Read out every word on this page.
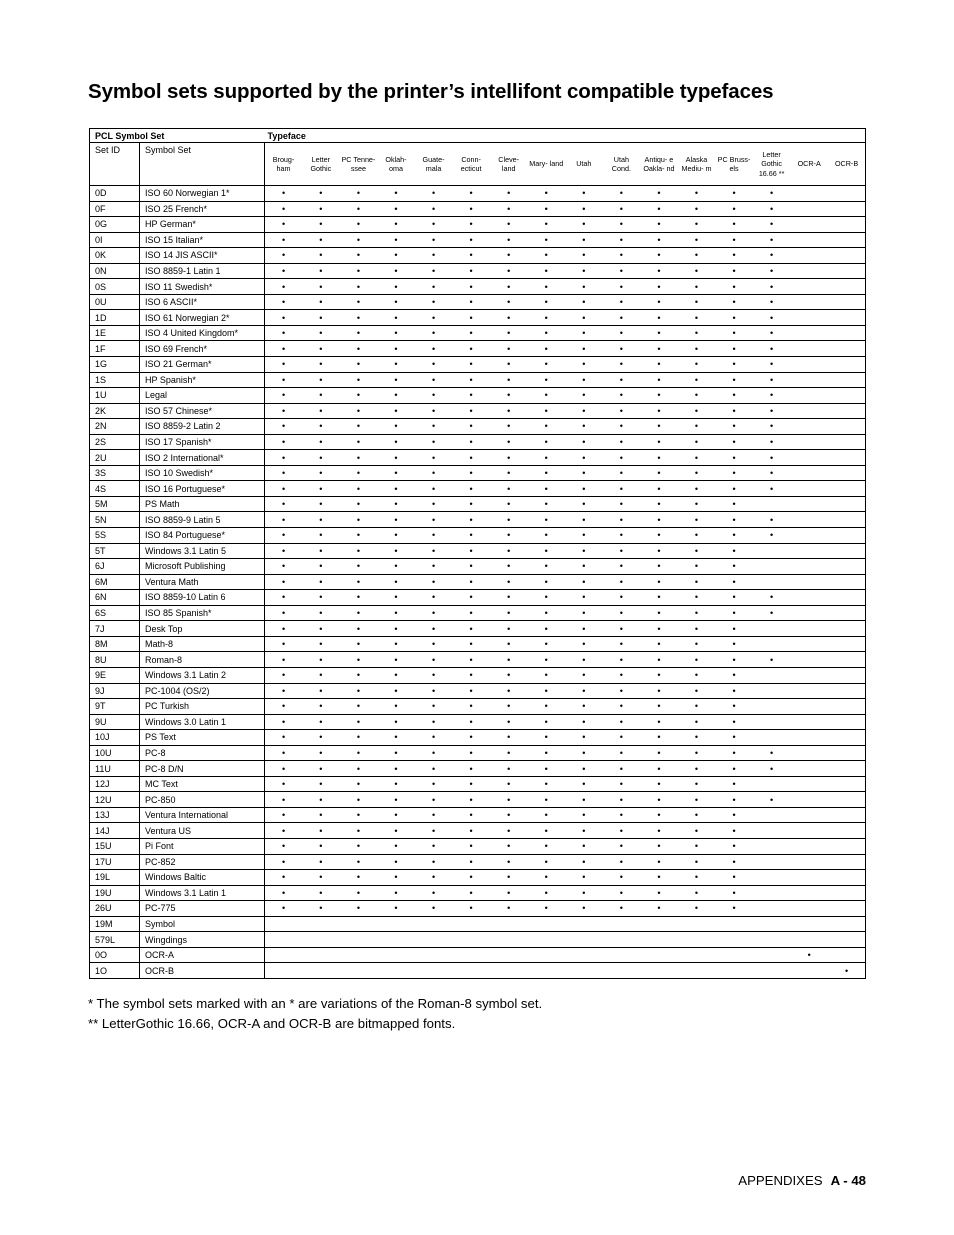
Symbol sets supported by the printer’s intellifont compatible typefaces
PCL Symbol Set		Typeface															
Set ID	Symbol Set	Broug- ham	Letter Gothic	PC Tenne- ssee	Oklah- oma	Guate- mala	Conn- ecticut	Cleve- land	Mary- land	Utah	Utah Cond.	Antiqu- e Oakla- nd	Alaska Mediu- m	PC Bruss- els	Letter Gothic 16.66 **	OCR-A	OCR-B
0D	ISO 60 Norwegian 1*	•	•	•	•	•	•	•	•	•	•	•	•	•	•		
0F	ISO 25 French*	•	•	•	•	•	•	•	•	•	•	•	•	•	•		
0G	HP German*	•	•	•	•	•	•	•	•	•	•	•	•	•	•		
0I	ISO 15 Italian*	•	•	•	•	•	•	•	•	•	•	•	•	•	•		
0K	ISO 14 JIS ASCII*	•	•	•	•	•	•	•	•	•	•	•	•	•	•		
0N	ISO 8859-1 Latin 1	•	•	•	•	•	•	•	•	•	•	•	•	•	•		
0S	ISO 11 Swedish*	•	•	•	•	•	•	•	•	•	•	•	•	•	•		
0U	ISO 6 ASCII*	•	•	•	•	•	•	•	•	•	•	•	•	•	•		
1D	ISO 61 Norwegian 2*	•	•	•	•	•	•	•	•	•	•	•	•	•	•		
1E	ISO 4 United Kingdom*	•	•	•	•	•	•	•	•	•	•	•	•	•	•		
1F	ISO 69 French*	•	•	•	•	•	•	•	•	•	•	•	•	•	•		
1G	ISO 21 German*	•	•	•	•	•	•	•	•	•	•	•	•	•	•		
1S	HP Spanish*	•	•	•	•	•	•	•	•	•	•	•	•	•	•		
1U	Legal	•	•	•	•	•	•	•	•	•	•	•	•	•	•		
2K	ISO 57 Chinese*	•	•	•	•	•	•	•	•	•	•	•	•	•	•		
2N	ISO 8859-2 Latin 2	•	•	•	•	•	•	•	•	•	•	•	•	•	•		
2S	ISO 17 Spanish*	•	•	•	•	•	•	•	•	•	•	•	•	•	•		
2U	ISO 2 International*	•	•	•	•	•	•	•	•	•	•	•	•	•	•		
3S	ISO 10 Swedish*	•	•	•	•	•	•	•	•	•	•	•	•	•	•		
4S	ISO 16 Portuguese*	•	•	•	•	•	•	•	•	•	•	•	•	•	•		
5M	PS Math	•	•	•	•	•	•	•	•	•	•	•	•	•			
5N	ISO 8859-9 Latin 5	•	•	•	•	•	•	•	•	•	•	•	•	•	•		
5S	ISO 84 Portuguese*	•	•	•	•	•	•	•	•	•	•	•	•	•	•		
5T	Windows 3.1 Latin 5	•	•	•	•	•	•	•	•	•	•	•	•	•			
6J	Microsoft Publishing	•	•	•	•	•	•	•	•	•	•	•	•	•			
6M	Ventura Math	•	•	•	•	•	•	•	•	•	•	•	•	•			
6N	ISO 8859-10 Latin 6	•	•	•	•	•	•	•	•	•	•	•	•	•	•		
6S	ISO 85 Spanish*	•	•	•	•	•	•	•	•	•	•	•	•	•	•		
7J	Desk Top	•	•	•	•	•	•	•	•	•	•	•	•	•			
8M	Math-8	•	•	•	•	•	•	•	•	•	•	•	•	•			
8U	Roman-8	•	•	•	•	•	•	•	•	•	•	•	•	•	•		
9E	Windows 3.1 Latin 2	•	•	•	•	•	•	•	•	•	•	•	•	•			
9J	PC-1004 (OS/2)	•	•	•	•	•	•	•	•	•	•	•	•	•			
9T	PC Turkish	•	•	•	•	•	•	•	•	•	•	•	•	•			
9U	Windows 3.0 Latin 1	•	•	•	•	•	•	•	•	•	•	•	•	•			
10J	PS Text	•	•	•	•	•	•	•	•	•	•	•	•	•			
10U	PC-8	•	•	•	•	•	•	•	•	•	•	•	•	•	•		
11U	PC-8 D/N	•	•	•	•	•	•	•	•	•	•	•	•	•	•		
12J	MC Text	•	•	•	•	•	•	•	•	•	•	•	•	•			
12U	PC-850	•	•	•	•	•	•	•	•	•	•	•	•	•	•		
13J	Ventura International	•	•	•	•	•	•	•	•	•	•	•	•	•			
14J	Ventura US	•	•	•	•	•	•	•	•	•	•	•	•	•			
15U	Pi Font	•	•	•	•	•	•	•	•	•	•	•	•	•			
17U	PC-852	•	•	•	•	•	•	•	•	•	•	•	•	•			
19L	Windows Baltic	•	•	•	•	•	•	•	•	•	•	•	•	•			
19U	Windows 3.1 Latin 1	•	•	•	•	•	•	•	•	•	•	•	•	•			
26U	PC-775	•	•	•	•	•	•	•	•	•	•	•	•	•			
19M	Symbol																
579L	Wingdings																
0O	OCR-A															•	
1O	OCR-B																•

* The symbol sets marked with an * are variations of the Roman-8 symbol set.

** LetterGothic 16.66, OCR-A and OCR-B are bitmapped fonts.

APPENDIXES A - 48
